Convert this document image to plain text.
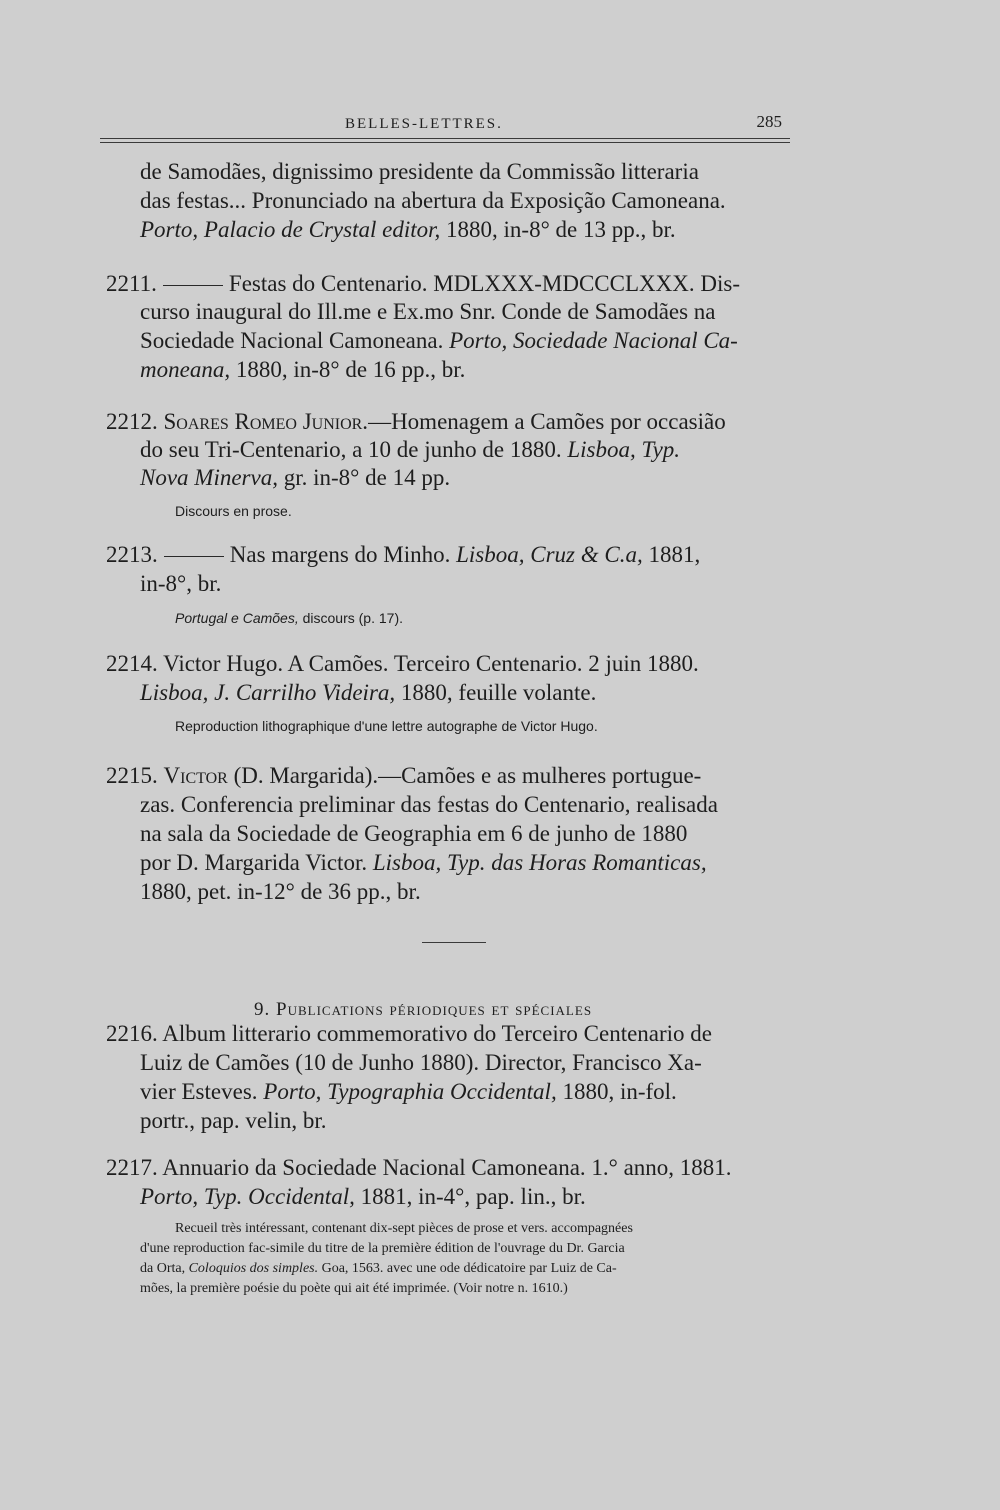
BELLES-LETTRES.	285

de Samodães, dignissimo presidente da Commissão litteraria

das festas... Pronunciado na abertura da Exposição Camoneana.

Porto, Palacio de Crystal editor, 1880, in-8° de 13 pp., br.

2211.	Festas do Centenario. MDLXXX-MDCCCLXXX. Dis-

curso inaugural do Ill.me e Ex.mo Snr. Conde de Samodães na

Sociedade Nacional Camoneana. Porto, Sociedade Nacional Ca-

moneana, 1880, in-8° de 16 pp., br.

2212. Soares Romeo Junior.—Homenagem a Camões por occasião

do seu Tri-Centenario, a 10 de junho de 1880. Lisboa, Typ.

Nova Minerva, gr. in-8° de 14 pp.

Discours en prose.

2213.	Nas margens do Minho. Lisboa, Cruz & C.a, 1881,

in-8°, br.

Portugal e Camões, discours (p. 17).

2214. Victor Hugo. A Camões. Terceiro Centenario. 2 juin 1880.

Lisboa, J. Carrilho Videira, 1880, feuille volante.

Reproduction lithographique d'une lettre autographe de Victor Hugo.

2215. Victor (D. Margarida).—Camões e as mulheres portugue-

zas. Conferencia preliminar das festas do Centenario, realisada

na sala da Sociedade de Geographia em 6 de junho de 1880

por D. Margarida Victor. Lisboa, Typ. das Horas Romanticas,

1880, pet. in-12° de 36 pp., br.

9. Publications périodiques et spéciales

2216. Album litterario commemorativo do Terceiro Centenario de

Luiz de Camões (10 de Junho 1880). Director, Francisco Xa-

vier Esteves. Porto, Typographia Occidental, 1880, in-fol.

portr., pap. velin, br.

2217. Annuario da Sociedade Nacional Camoneana. 1.° anno, 1881.

Porto, Typ. Occidental, 1881, in-4°, pap. lin., br.

Recueil très intéressant, contenant dix-sept pièces de prose et vers. accompagnées

d'une reproduction fac-simile du titre de la première édition de l'ouvrage du Dr. Garcia

da Orta, Coloquios dos simples. Goa, 1563. avec une ode dédicatoire par Luiz de Ca-

mões, la première poésie du poète qui ait été imprimée. (Voir notre n. 1610.)
